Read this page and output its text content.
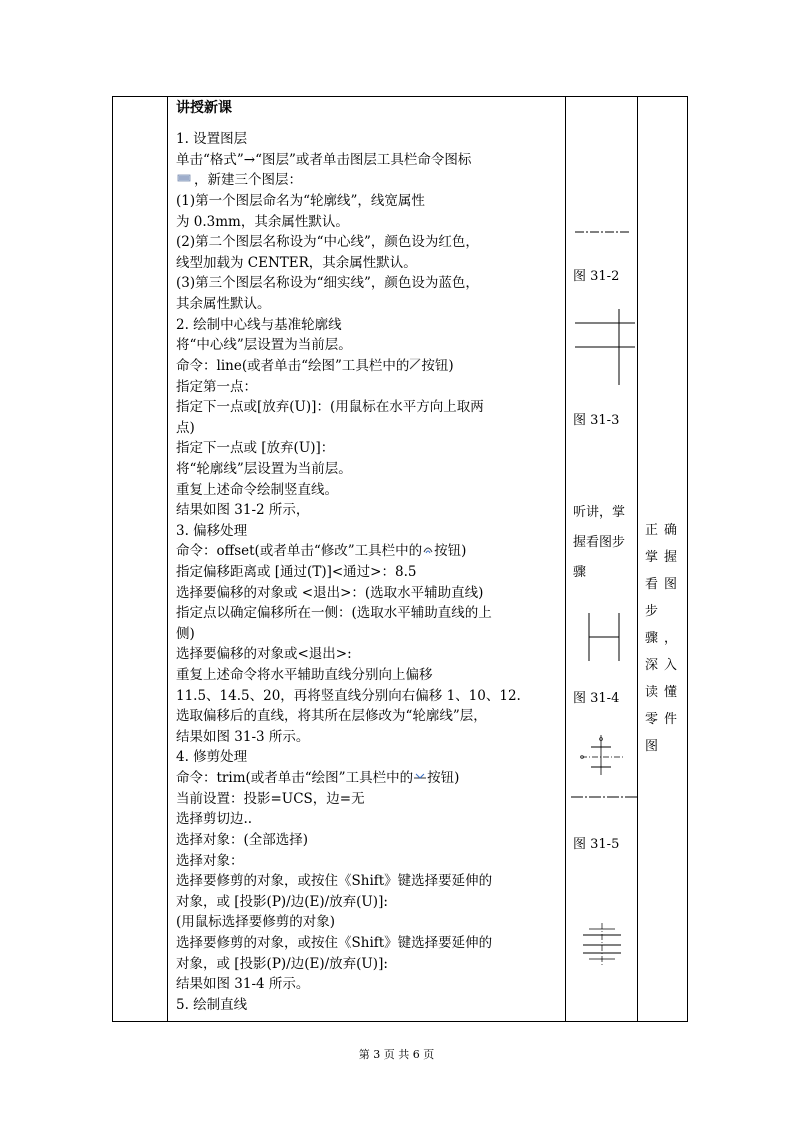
讲授新课
1. 设置图层
单击“格式”→“图层”或者单击图层工具栏命令图标
，新建三个图层：
(1)第一个图层命名为“轮廓线”，线宽属性
为 0.3mm，其余属性默认。
(2)第二个图层名称设为“中心线”，颜色设为红色，
线型加载为 CENTER，其余属性默认。
(3)第三个图层名称设为“细实线”，颜色设为蓝色，
其余属性默认。
2. 绘制中心线与基准轮廓线
将“中心线”层设置为当前层。
命令：line(或者单击“绘图”工具栏中的 按钮)
指定第一点：
指定下一点或[放弃(U)]：(用鼠标在水平方向上取两
点)
指定下一点或 [放弃(U)]：
将“轮廓线”层设置为当前层。
重复上述命令绘制竖直线。
结果如图 31-2 所示，
3. 偏移处理
命令：offset(或者单击“修改”工具栏中的 按钮)
指定偏移距离或 [通过(T)]<通过>：8.5
选择要偏移的对象或 <退出>：(选取水平辅助直线)
指定点以确定偏移所在一侧：(选取水平辅助直线的上
侧)
选择要偏移的对象或<退出>:
重复上述命令将水平辅助直线分别向上偏移
11.5、14.5、20，再将竖直线分别向右偏移 1、10、12.
选取偏移后的直线，将其所在层修改为“轮廓线”层，
结果如图 31-3 所示。
4. 修剪处理
命令：trim(或者单击“绘图”工具栏中的 按钮)
当前设置：投影=UCS，边=无
选择剪切边..
选择对象：(全部选择)
选择对象：
选择要修剪的对象，或按住《Shift》键选择要延伸的
对象，或 [投影(P)/边(E)/放弃(U)]:
(用鼠标选择要修剪的对象)
选择要修剪的对象，或按住《Shift》键选择要延伸的
对象，或 [投影(P)/边(E)/放弃(U)]:
结果如图 31-4 所示。
5. 绘制直线
图 31-2
图 31-3
听讲，掌
握看图步
骤
图 31-4
图 31-5
正确
掌握
看图
步
骤，
深入
读懂
零件
图
第 3 页 共 6 页
